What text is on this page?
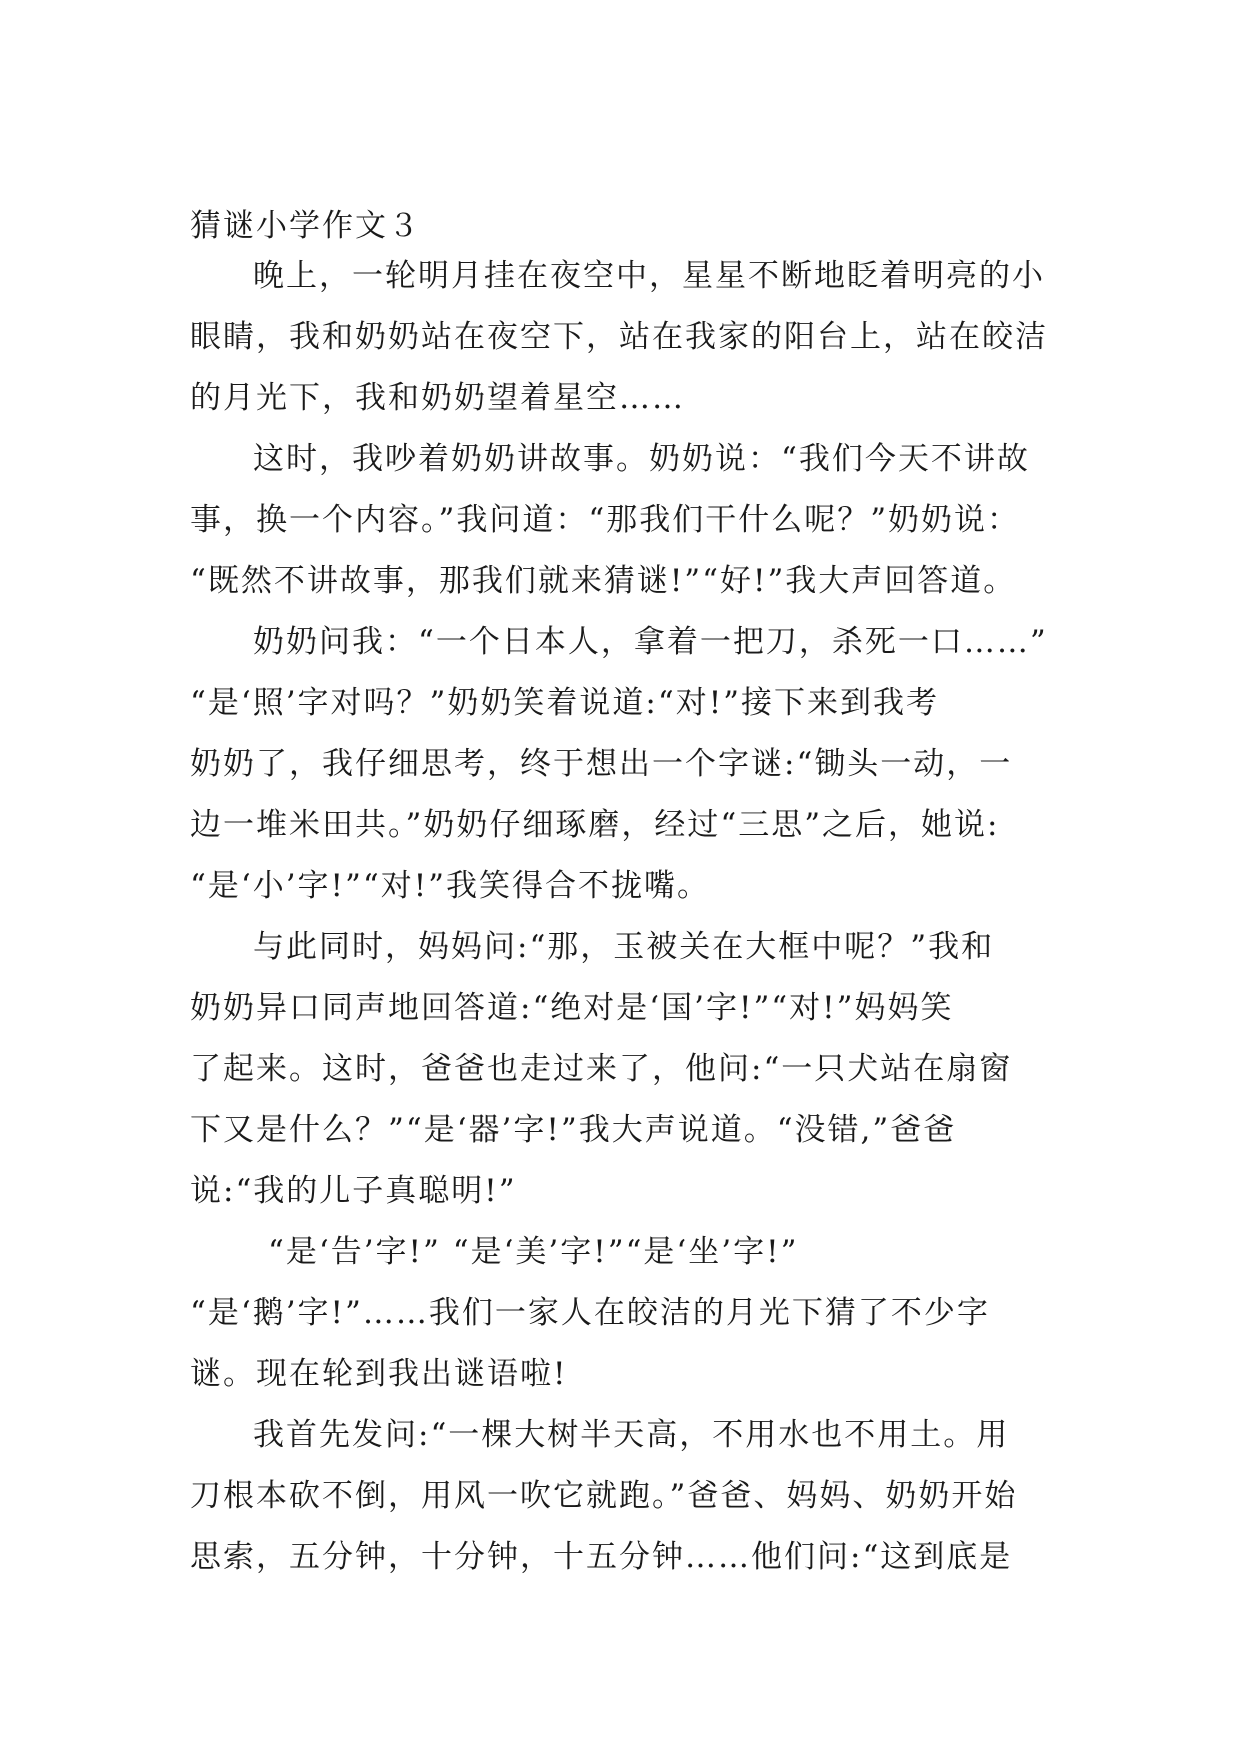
猜谜小学作文３

晚上，一轮明月挂在夜空中，星星不断地眨着明亮的小
眼睛，我和奶奶站在夜空下，站在我家的阳台上，站在皎洁
的月光下，我和奶奶望着星空……

这时，我吵着奶奶讲故事。奶奶说：“我们今天不讲故
事，换一个内容。”我问道：“那我们干什么呢？”奶奶说：
“既然不讲故事，那我们就来猜谜!”“好!”我大声回答道。

奶奶问我：“一个日本人，拿着一把刀，杀死一口……”
“是‘照’字对吗？”奶奶笑着说道:“对!”接下来到我考
奶奶了，我仔细思考，终于想出一个字谜:“锄头一动，一
边一堆米田共。”奶奶仔细琢磨，经过“三思”之后，她说:
“是‘小’字!”“对!”我笑得合不拢嘴。

与此同时，妈妈问:“那，玉被关在大框中呢？”我和
奶奶异口同声地回答道:“绝对是‘国’字!”“对!”妈妈笑
了起来。这时，爸爸也走过来了，他问:“一只犬站在扇窗
下又是什么？”“是‘器’字!”我大声说道。“没错,”爸爸
说:“我的儿子真聪明!”

“是‘告’字!” “是‘美’字!”“是‘坐’字!”
“是‘鹅’字!”……我们一家人在皎洁的月光下猜了不少字
谜。现在轮到我出谜语啦!

我首先发问:“一棵大树半天高，不用水也不用土。用
刀根本砍不倒，用风一吹它就跑。”爸爸、妈妈、奶奶开始
思索，五分钟，十分钟，十五分钟……他们问:“这到底是
